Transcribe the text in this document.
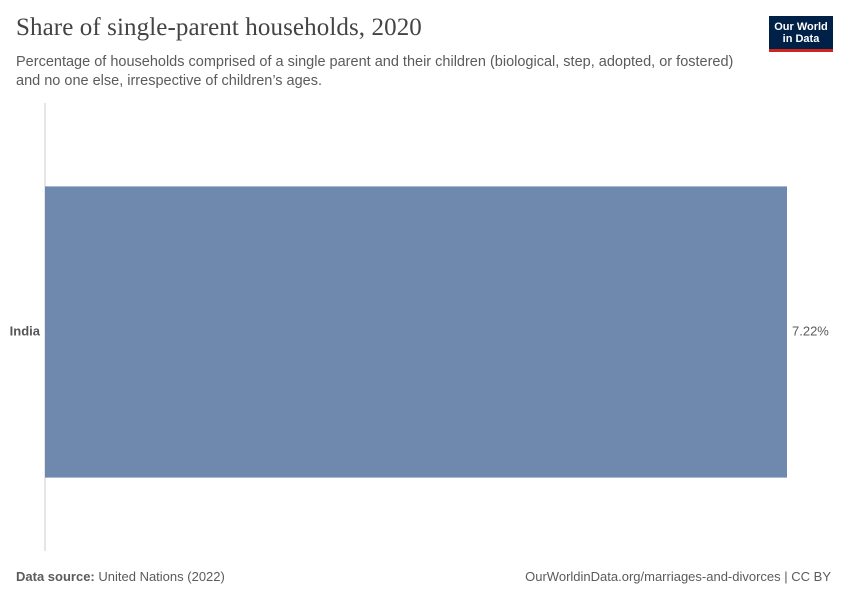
Share of single-parent households, 2020

Percentage of households comprised of a single parent and their children (biological, step, adopted, or fostered) and no one else, irrespective of children’s ages.

Our World
in Data
India	7.22%
Data source: United Nations (2022)	OurWorldinData.org/marriages-and-divorces | CC BY
